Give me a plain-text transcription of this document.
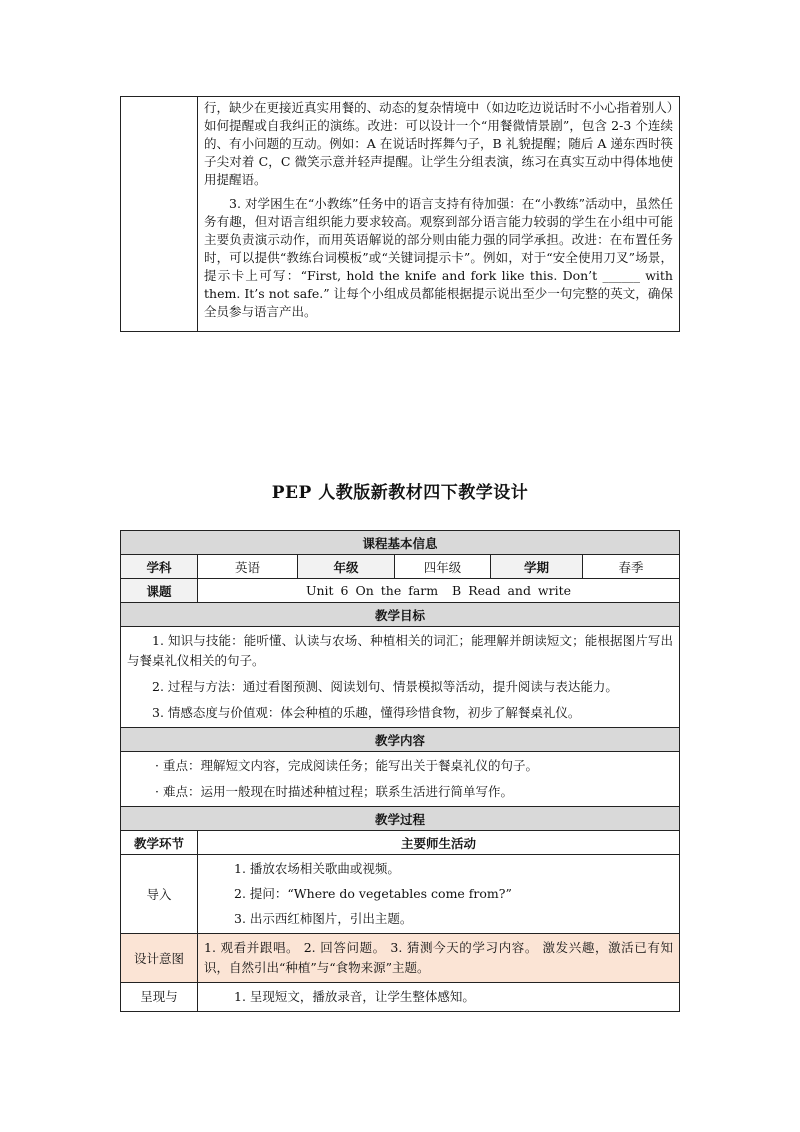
行，缺少在更接近真实用餐的、动态的复杂情境中（如边吃边说话时不小心指着别人）如何提醒或自我纠正的演练。改进：可以设计一个“用餐微情景剧”，包含 2-3 个连续的、有小问题的互动。例如：A 在说话时挥舞勺子，B 礼貌提醒；随后 A 递东西时筷子尖对着 C，C 微笑示意并轻声提醒。让学生分组表演，练习在真实互动中得体地使用提醒语。

3. 对学困生在“小教练”任务中的语言支持有待加强：在“小教练”活动中，虽然任务有趣，但对语言组织能力要求较高。观察到部分语言能力较弱的学生在小组中可能主要负责演示动作，而用英语解说的部分则由能力强的同学承担。改进：在布置任务时，可以提供“教练台词模板”或“关键词提示卡”。例如，对于“安全使用刀叉”场景，提示卡上可写：“First, hold the knife and fork like this. Don’t ______ with them. It’s not safe.” 让每个小组成员都能根据提示说出至少一句完整的英文，确保全员参与语言产出。

PEP 人教版新教材四下教学设计
课程基本信息					
学科	英语	年级	四年级	学期	春季
课题	Unit 6 On the farm  B Read and write				
教学目标					

1. 知识与技能：能听懂、认读与农场、种植相关的词汇；能理解并朗读短文；能根据图片写出与餐桌礼仪相关的句子。

2. 过程与方法：通过看图预测、阅读划句、情景模拟等活动，提升阅读与表达能力。

3. 情感态度与价值观：体会种植的乐趣，懂得珍惜食物，初步了解餐桌礼仪。					

教学内容					

· 重点：理解短文内容，完成阅读任务；能写出关于餐桌礼仪的句子。

· 难点：运用一般现在时描述种植过程；联系生活进行简单写作。					

教学过程					
教学环节	主要师生活动				
导入	1. 播放农场相关歌曲或视频。

2. 提问：“Where do vegetables come from?”

3. 出示西红柿图片，引出主题。				

设计意图	1. 观看并跟唱。 2. 回答问题。 3. 猜测今天的学习内容。 激发兴趣，激活已有知识，自然引出“种植”与“食物来源”主题。				

呈现与	1. 呈现短文，播放录音，让学生整体感知。				
